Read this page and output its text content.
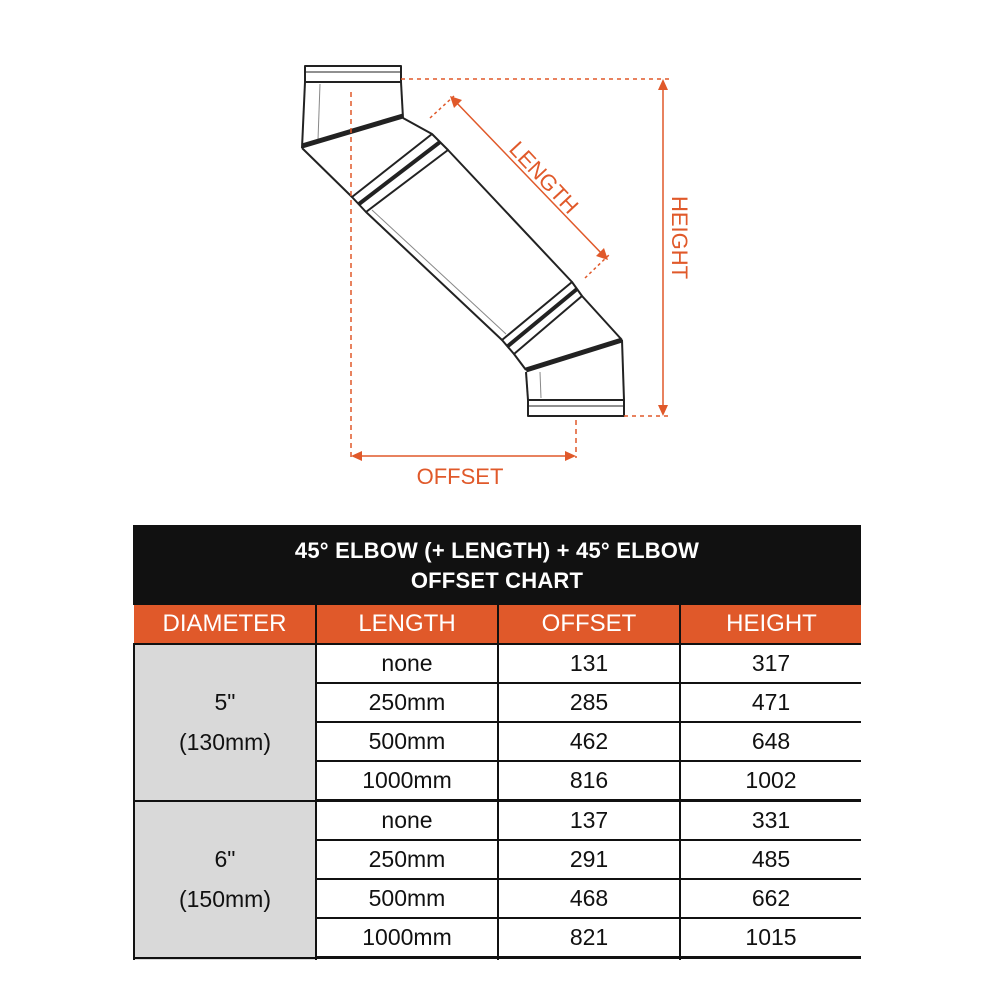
LENGTH
HEIGHT
OFFSET
45° ELBOW (+ LENGTH) + 45° ELBOW
OFFSET CHART
DIAMETER	LENGTH	OFFSET	HEIGHT

5"
(130mm)	none	131	317
	250mm	285	471
	500mm	462	648
	1000mm	816	1002

6"
(150mm)	none	137	331
	250mm	291	485
	500mm	468	662
	1000mm	821	1015
